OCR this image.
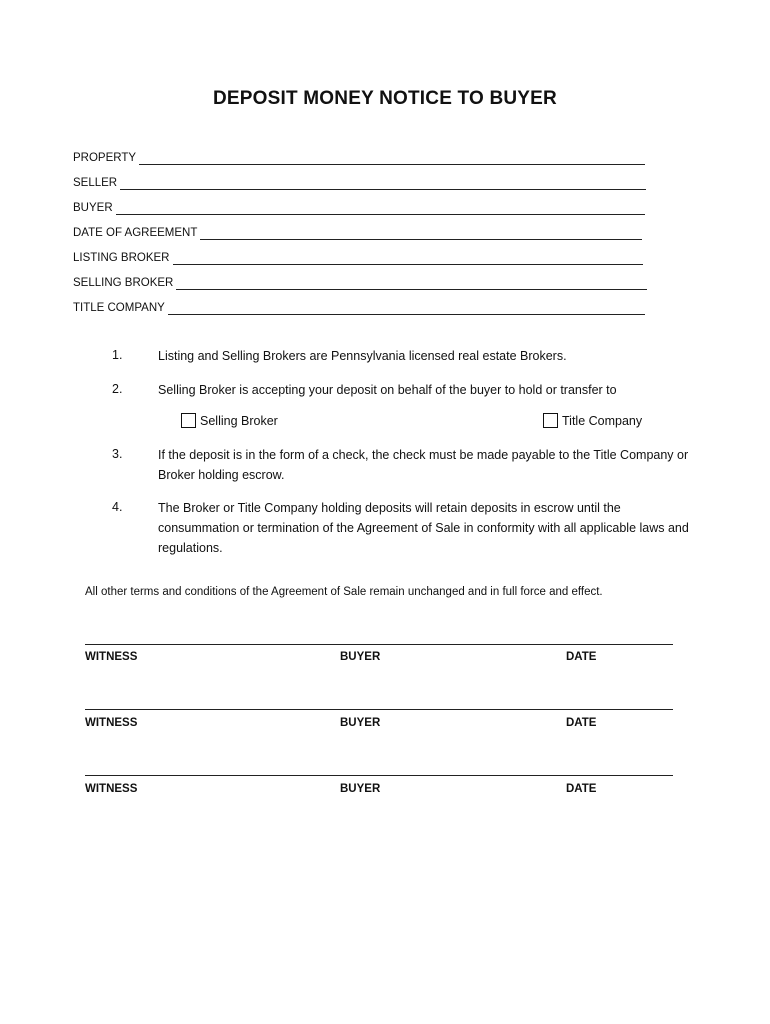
DEPOSIT MONEY NOTICE TO BUYER
PROPERTY
SELLER
BUYER
DATE OF AGREEMENT
LISTING BROKER
SELLING BROKER
TITLE COMPANY
1.	Listing and Selling Brokers are Pennsylvania licensed real estate Brokers.
2.	Selling Broker is accepting your deposit on behalf of the buyer to hold or transfer to
Selling Broker	Title Company
3.	If the deposit is in the form of a check, the check must be made payable to the Title Company or Broker holding escrow.
4.	The Broker or Title Company holding deposits will retain deposits in escrow until the consummation or termination of the Agreement of Sale in conformity with all applicable laws and regulations.
All other terms and conditions of the Agreement of Sale remain unchanged and in full force and effect.
WITNESS	BUYER	DATE
WITNESS	BUYER	DATE
WITNESS	BUYER	DATE
